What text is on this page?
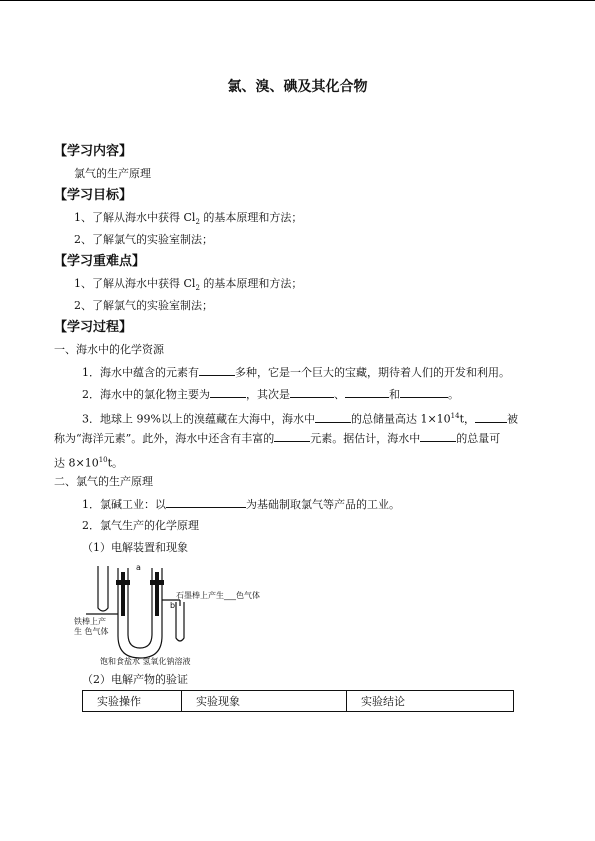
氯、溴、碘及其化合物
【学习内容】
氯气的生产原理
【学习目标】
1、了解从海水中获得 $Cl_2$ 的基本原理和方法；
2、了解氯气的实验室制法；
【学习重难点】
1、了解从海水中获得 $Cl_2$ 的基本原理和方法；
2、了解氯气的实验室制法；
【学习过程】
一、海水中的化学资源
1．海水中蕴含的元素有	多种，它是一个巨大的宝藏，期待着人们的开发和利用。
2．海水中的氯化物主要为	，其次是	、	和	。
3．地球上 99%以上的溴蕴藏在大海中，海水中	的总储量高达 $1\times 10^{14}t$，	被
称为“海洋元素”。此外，海水中还含有丰富的	元素。据估计，海水中	的总量可
达 $8\times 10^{10}t$。
二、氯气的生产原理
1．氯碱工业：以	为基础制取氯气等产品的工业。
2．氯气生产的化学原理
（1）电解装置和现象
a
b
石墨棒上产生___色气体
铁棒上产
生 色气体
饱和食盐水 氢氧化钠溶液
（2）电解产物的验证
实验操作	实验现象	实验结论
